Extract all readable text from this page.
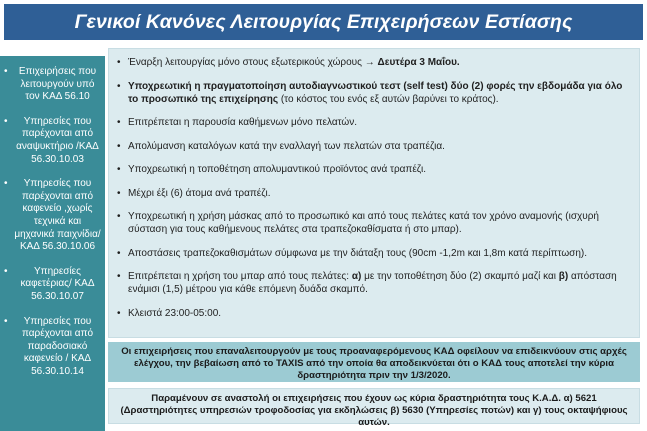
Γενικοί Κανόνες Λειτουργίας Επιχειρήσεων Εστίασης
•	Επιχειρήσεις που λειτουργούν υπό τον ΚΑΔ 56.10
•	Υπηρεσίες που παρέχονται από αναψυκτήριο /ΚΑΔ 56.30.10.03
•	Υπηρεσίες που παρέχονται από καφενείο ,χωρίς τεχνικά και μηχανικά παιχνίδια/ ΚΑΔ 56.30.10.06
•	Υπηρεσίες καφετέριας/ ΚΑΔ 56.30.10.07
•	Υπηρεσίες που παρέχονται από παραδοσιακό καφενείο / ΚΑΔ 56.30.10.14
• Έναρξη λειτουργίας μόνο στους εξωτερικούς χώρους → Δευτέρα 3 Μαΐου.
• Υποχρεωτική η πραγματοποίηση αυτοδιαγνωστικού τεστ (self test) δύο (2) φορές την εβδομάδα για όλο το προσωπικό της επιχείρησης (το κόστος του ενός εξ αυτών βαρύνει το κράτος).
• Επιτρέπεται η παρουσία καθήμενων μόνο πελατών.
• Απολύμανση καταλόγων κατά την εναλλαγή των πελατών στα τραπέζια.
• Υποχρεωτική η τοποθέτηση απολυμαντικού προϊόντος ανά τραπέζι.
• Μέχρι έξι (6) άτομα ανά τραπέζι.
• Υποχρεωτική η χρήση μάσκας από το προσωπικό και από τους πελάτες κατά τον χρόνο αναμονής (ισχυρή σύσταση για τους καθήμενους πελάτες στα τραπεζοκαθίσματα ή στο μπαρ).
• Αποστάσεις τραπεζοκαθισμάτων σύμφωνα με την διάταξη τους (90cm -1,2m και 1,8m κατά περίπτωση).
• Επιτρέπεται η χρήση του μπαρ από τους πελάτες: α) με την τοποθέτηση δύο (2) σκαμπό μαζί και β) απόσταση ενάμισι (1,5) μέτρου για κάθε επόμενη δυάδα σκαμπό.
• Κλειστά 23:00-05:00.
Οι επιχειρήσεις που επαναλειτουργούν με τους προαναφερόμενους ΚΑΔ οφείλουν να επιδεικνύουν στις αρχές ελέγχου, την βεβαίωση από το TAXIS από την οποία θα αποδεικνύεται ότι ο ΚΑΔ τους αποτελεί την κύρια δραστηριότητα πριν την 1/3/2020.
Παραμένουν σε αναστολή οι επιχειρήσεις που έχουν ως κύρια δραστηριότητα τους Κ.Α.Δ. α) 5621 (Δραστηριότητες υπηρεσιών τροφοδοσίας για εκδηλώσεις β) 5630 (Υπηρεσίες ποτών) και γ) τους οκταψήφιους αυτών.
